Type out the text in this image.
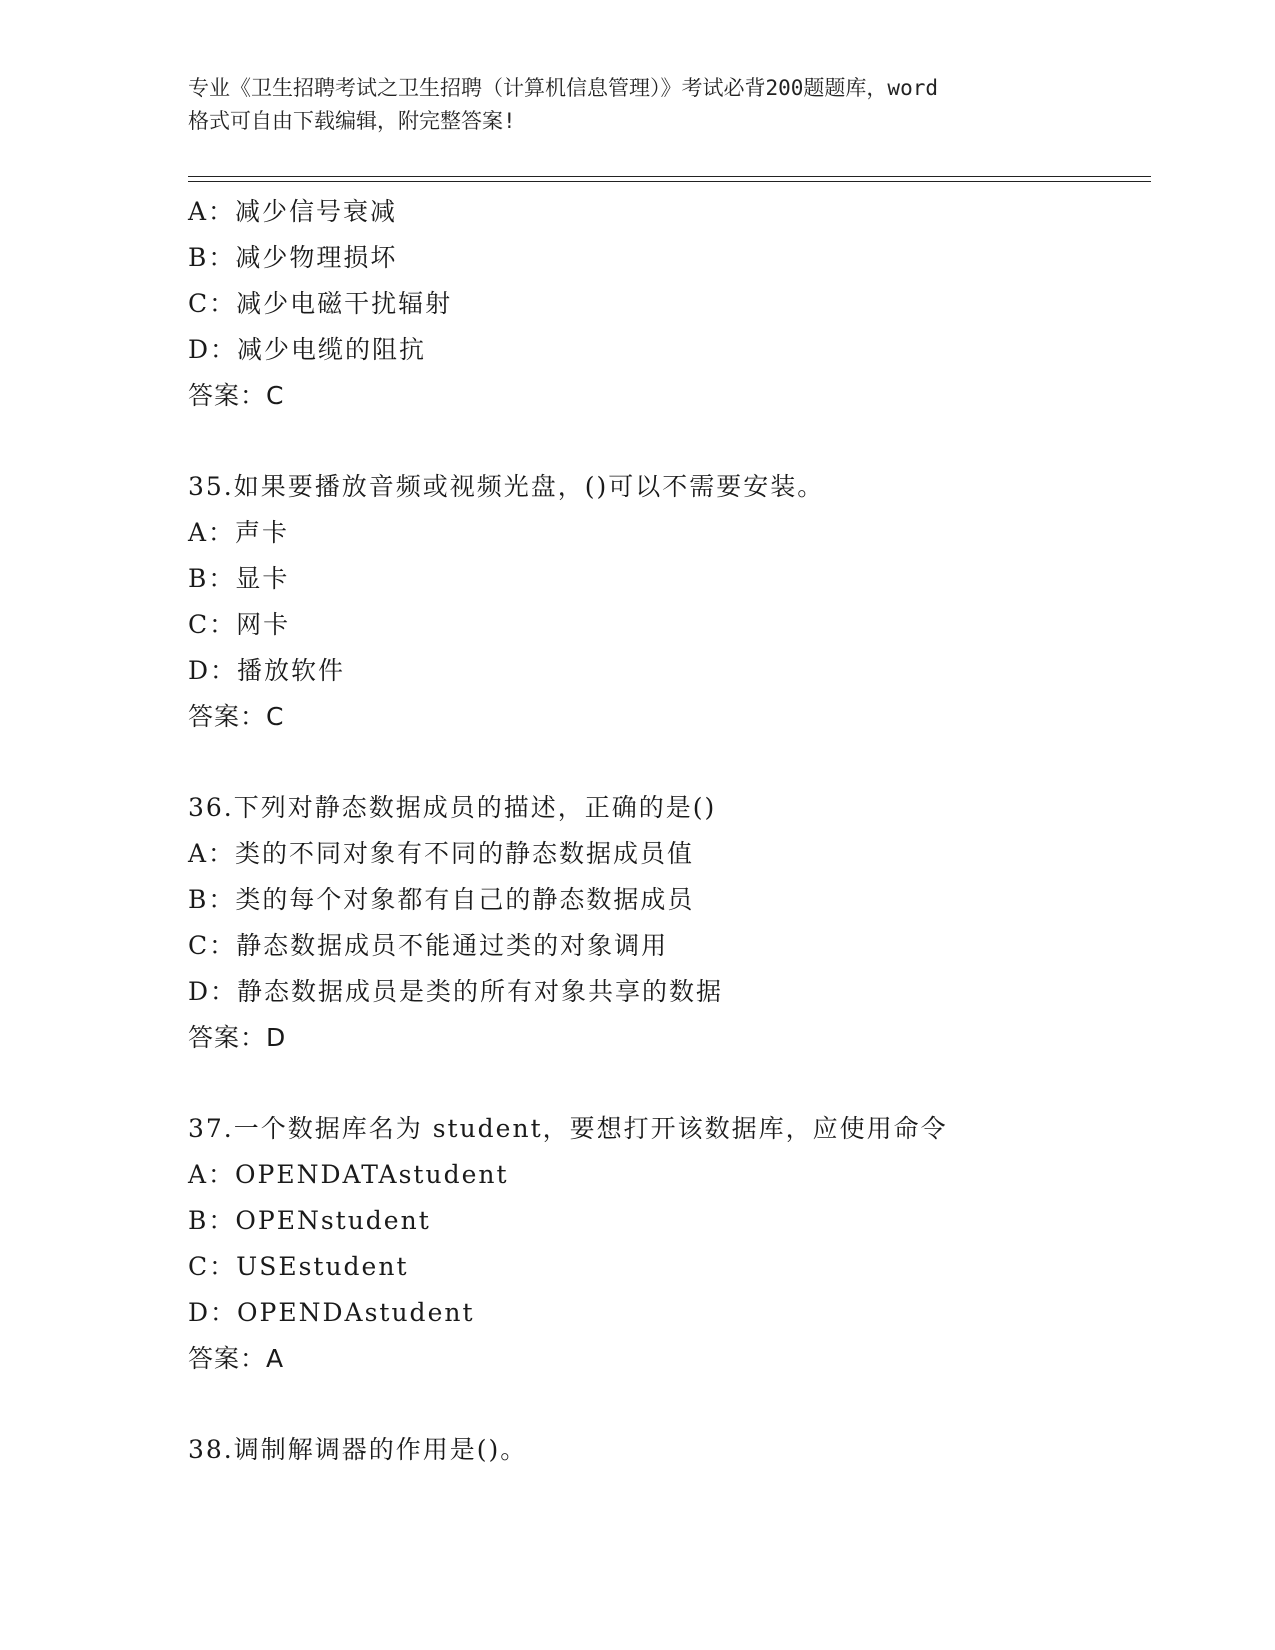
专业《卫生招聘考试之卫生招聘（计算机信息管理）》考试必背200题题库，word
格式可自由下载编辑，附完整答案!
A：减少信号衰减
B：减少物理损坏
C：减少电磁干扰辐射
D：减少电缆的阻抗
答案：C
35.如果要播放音频或视频光盘，()可以不需要安装。
A：声卡
B：显卡
C：网卡
D：播放软件
答案：C
36.下列对静态数据成员的描述，正确的是()
A：类的不同对象有不同的静态数据成员值
B：类的每个对象都有自己的静态数据成员
C：静态数据成员不能通过类的对象调用
D：静态数据成员是类的所有对象共享的数据
答案：D
37.一个数据库名为 student，要想打开该数据库，应使用命令
A：OPENDATAstudent
B：OPENstudent
C：USEstudent
D：OPENDAstudent
答案：A
38.调制解调器的作用是()。
